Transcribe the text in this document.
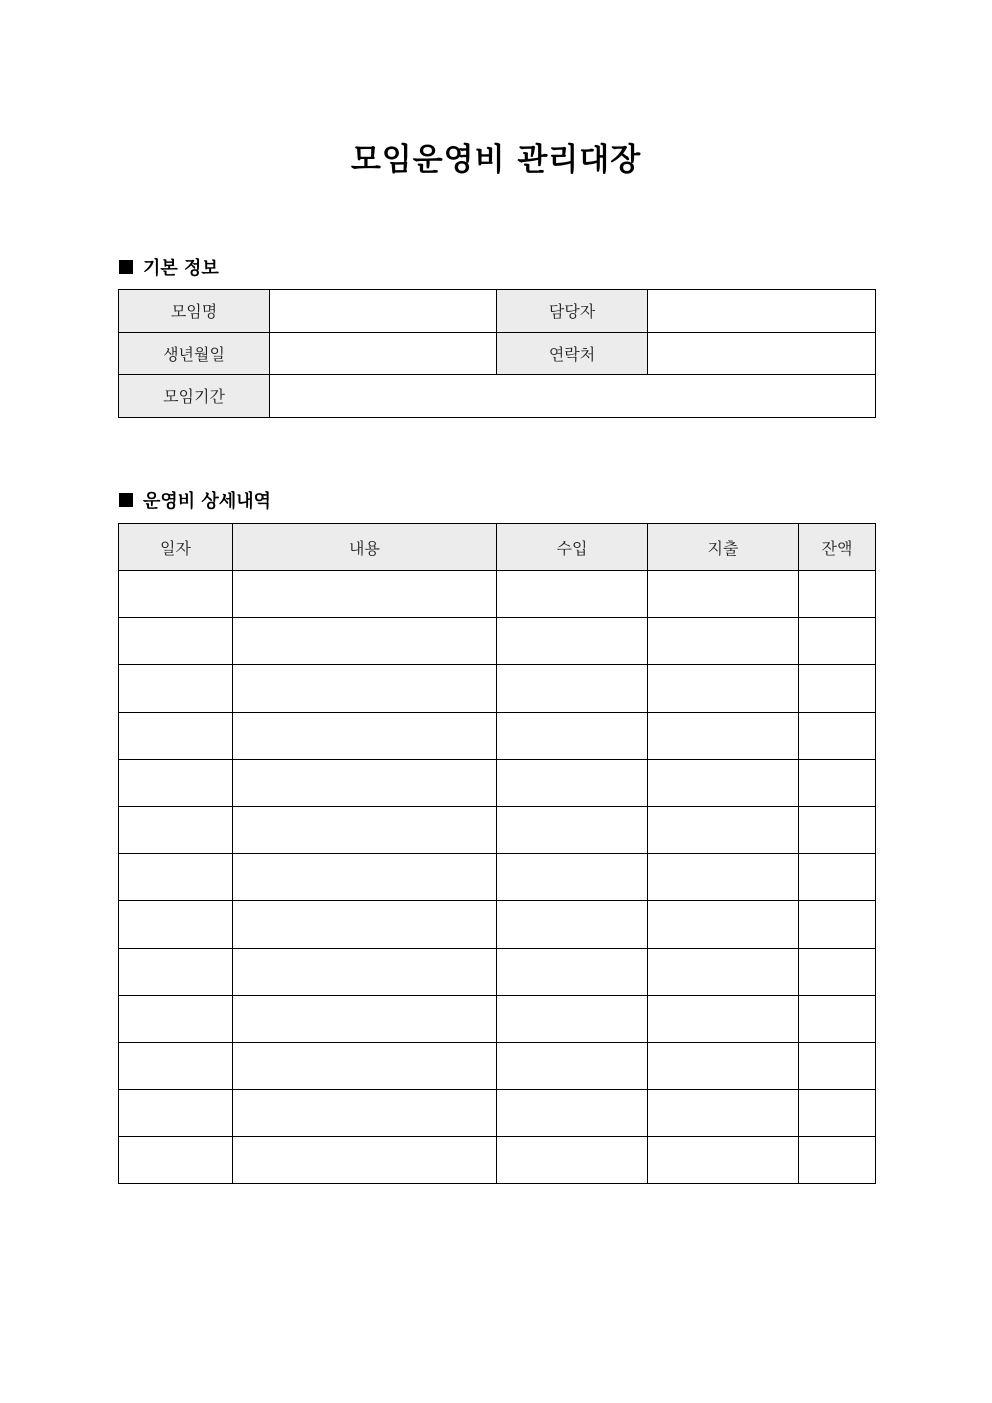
모임운영비 관리대장
기본 정보
모임명		담당자	
생년월일		연락처	
모임기간			
운영비 상세내역
일자	내용	수입	지출	잔액
